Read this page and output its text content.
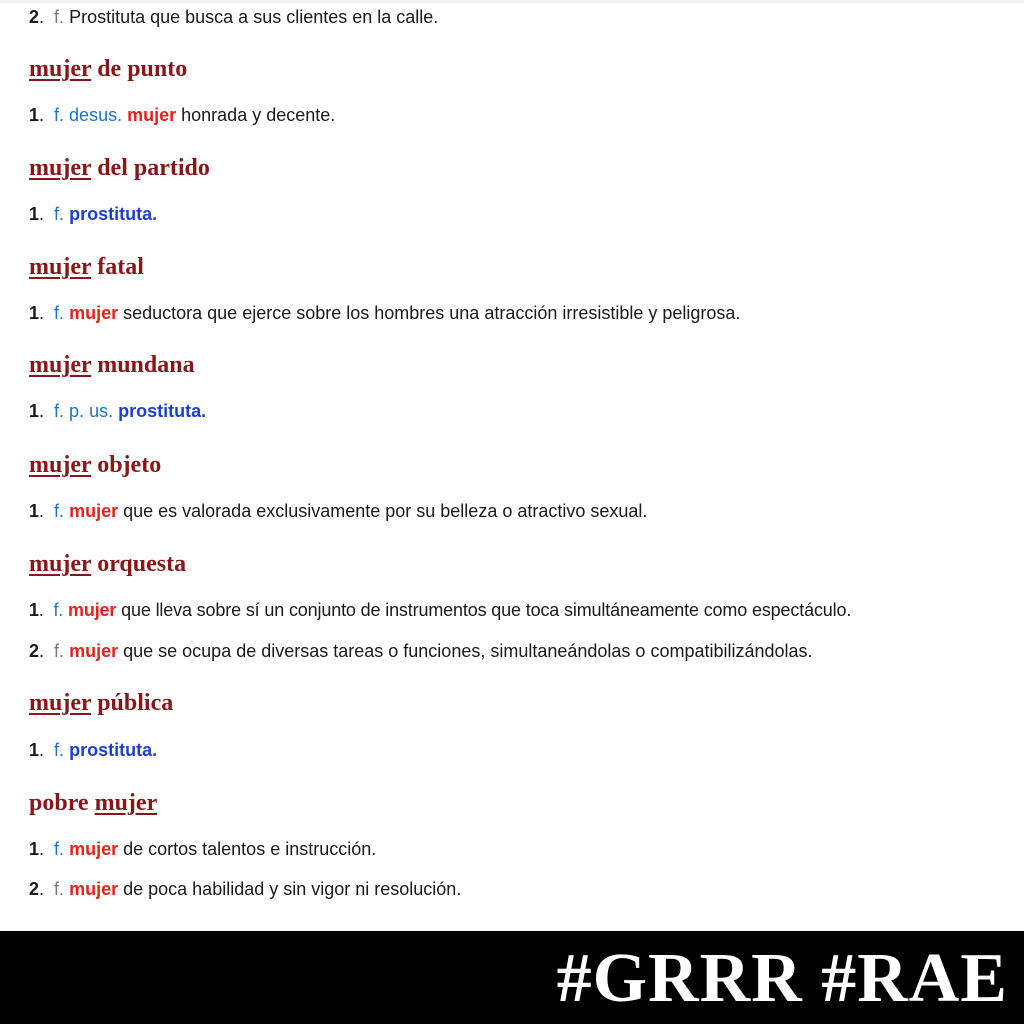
2.  f. Prostituta que busca a sus clientes en la calle.
mujer de punto
1.  f. desus. mujer honrada y decente.
mujer del partido
1.  f. prostituta.
mujer fatal
1.  f. mujer seductora que ejerce sobre los hombres una atracción irresistible y peligrosa.
mujer mundana
1.  f. p. us. prostituta.
mujer objeto
1.  f. mujer que es valorada exclusivamente por su belleza o atractivo sexual.
mujer orquesta
1.  f. mujer que lleva sobre sí un conjunto de instrumentos que toca simultáneamente como espectáculo.
2.  f. mujer que se ocupa de diversas tareas o funciones, simultaneándolas o compatibilizándolas.
mujer pública
1.  f. prostituta.
pobre mujer
1.  f. mujer de cortos talentos e instrucción.
2.  f. mujer de poca habilidad y sin vigor ni resolución.
#GRRR #RAE
